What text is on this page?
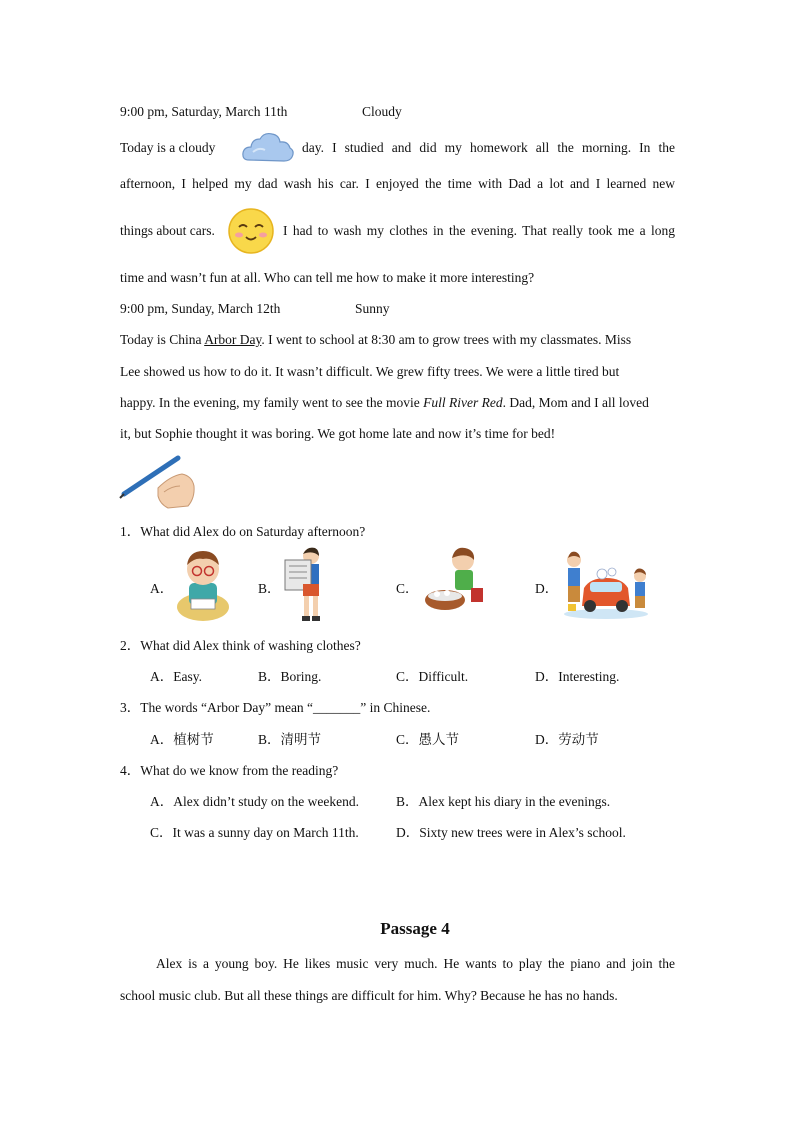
9:00 pm, Saturday, March 11th	Cloudy
Today is a cloudy	day. I studied and did my homework all the morning. In the
afternoon, I helped my dad wash his car. I enjoyed the time with Dad a lot and I learned new
things about cars.	I had to wash my clothes in the evening. That really took me a long
time and wasn’t fun at all. Who can tell me how to make it more interesting?
9:00 pm, Sunday, March 12th	Sunny
Today is China Arbor Day. I went to school at 8:30 am to grow trees with my classmates. Miss
Lee showed us how to do it. It wasn’t difficult. We grew fifty trees. We were a little tired but
happy. In the evening, my family went to see the movie Full River Red. Dad, Mom and I all loved
it, but Sophie thought it was boring. We got home late and now it’s time for bed!
1．What did Alex do on Saturday afternoon?
A．	B．	C．	D．
2．What did Alex think of washing clothes?
A．Easy.	B．Boring.	C．Difficult.	D．Interesting.
3．The words “Arbor Day” mean “_______” in Chinese.
A．植树节	B．清明节	C．愚人节	D．劳动节
4．What do we know from the reading?
A．Alex didn’t study on the weekend.	B．Alex kept his diary in the evenings.
C．It was a sunny day on March 11th.	D．Sixty new trees were in Alex’s school.
Passage 4
Alex is a young boy. He likes music very much. He wants to play the piano and join the
school music club. But all these things are difficult for him. Why? Because he has no hands.
